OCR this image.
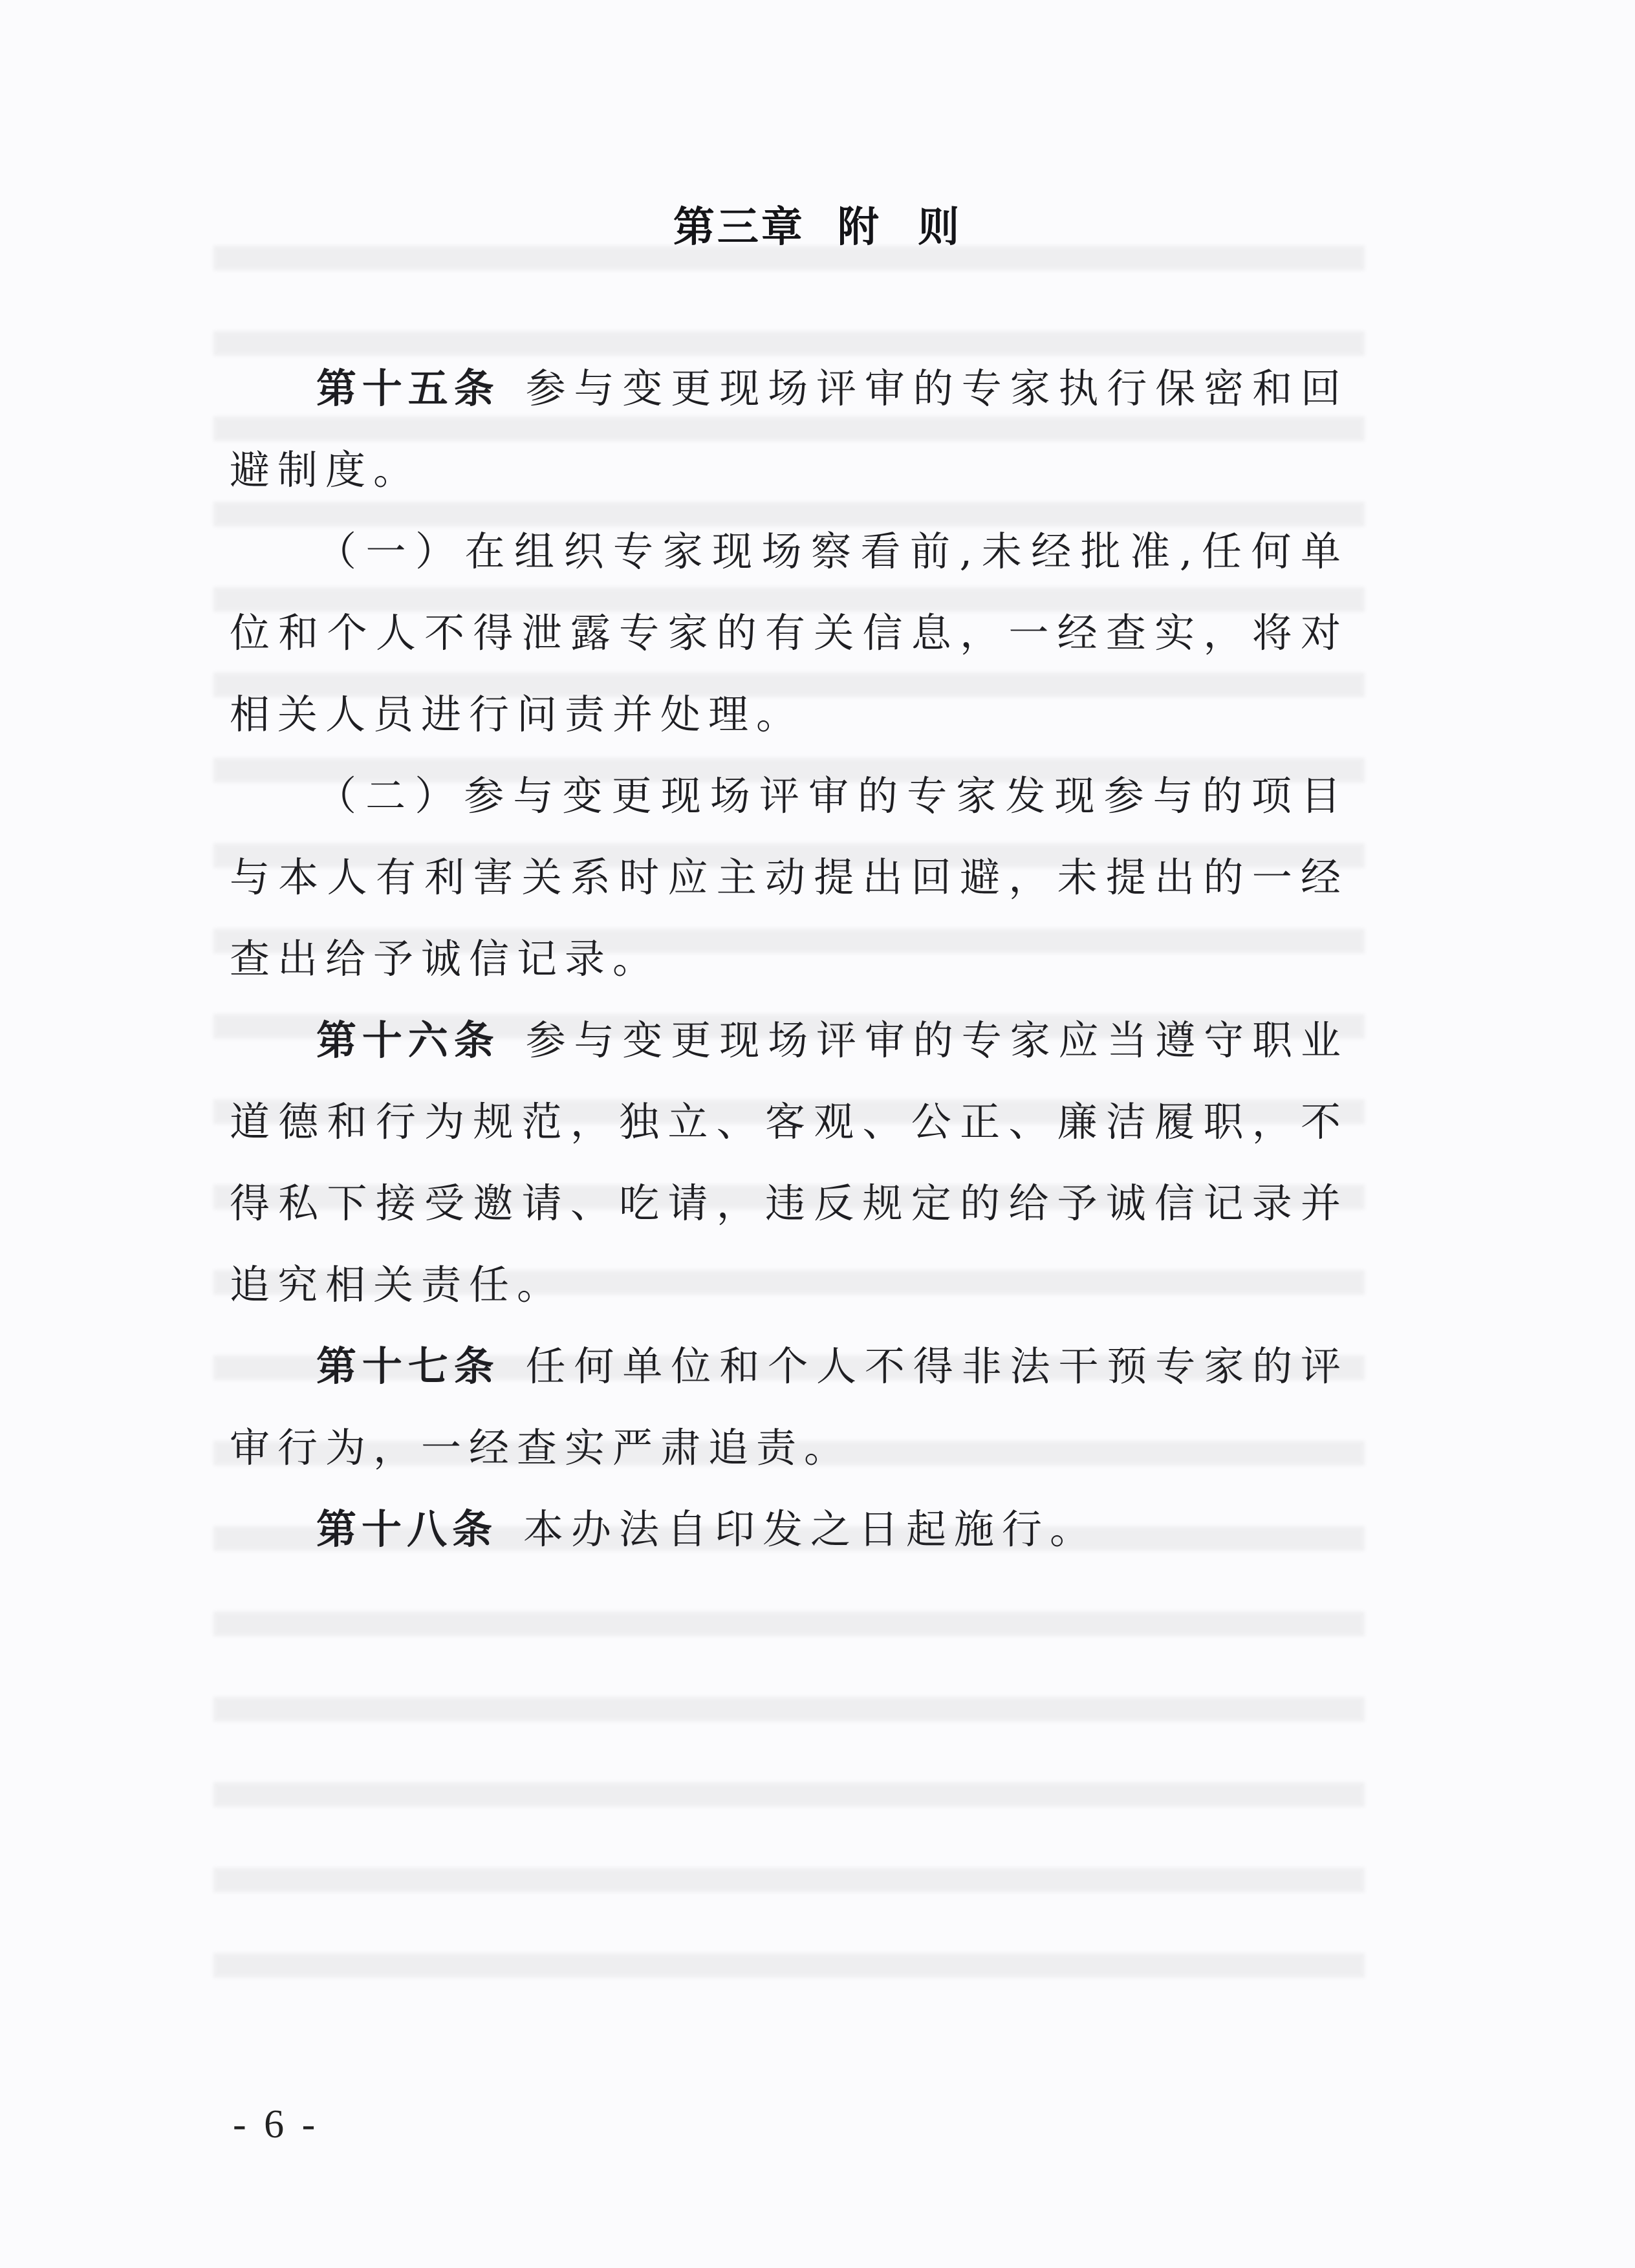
第三章 附 则

第十五条 参与变更现场评审的专家执行保密和回避制度。

（一）在组织专家现场察看前,未经批准,任何单位和个人不得泄露专家的有关信息，一经查实，将对相关人员进行问责并处理。

（二）参与变更现场评审的专家发现参与的项目与本人有利害关系时应主动提出回避，未提出的一经查出给予诚信记录。

第十六条 参与变更现场评审的专家应当遵守职业道德和行为规范，独立、客观、公正、廉洁履职，不得私下接受邀请、吃请，违反规定的给予诚信记录并追究相关责任。

第十七条 任何单位和个人不得非法干预专家的评审行为，一经查实严肃追责。

第十八条 本办法自印发之日起施行。

- 6 -
